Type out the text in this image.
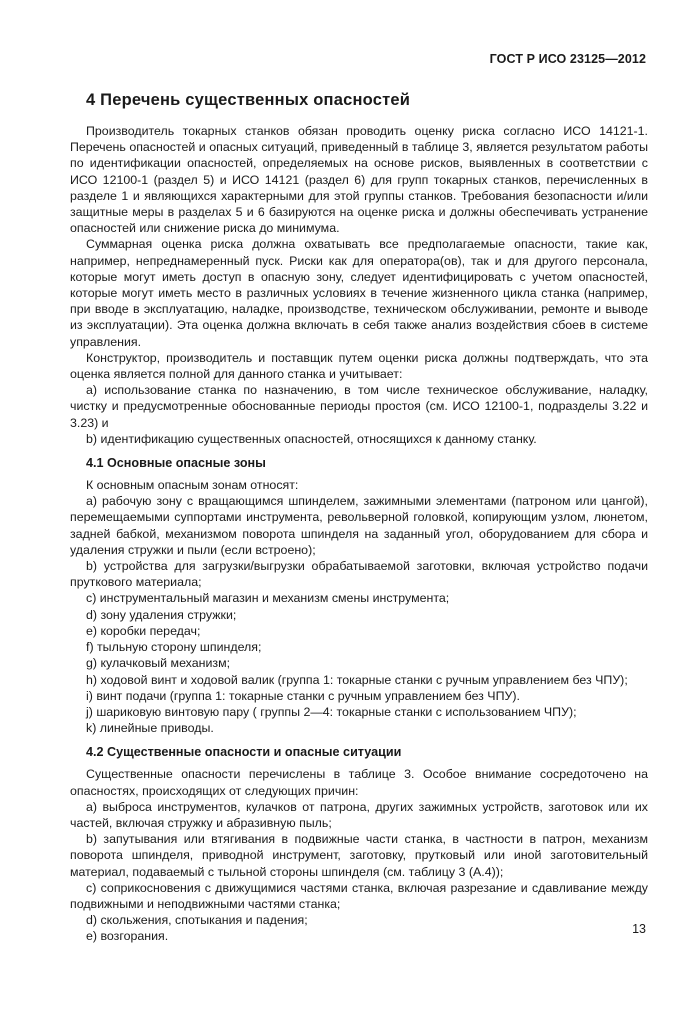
ГОСТ Р ИСО 23125—2012
4 Перечень существенных опасностей

Производитель токарных станков обязан проводить оценку риска согласно ИСО 14121-1. Перечень опасностей и опасных ситуаций, приведенный в таблице 3, является результатом работы по идентификации опасностей, определяемых на основе рисков, выявленных в соответствии с ИСО 12100-1 (раздел 5) и ИСО 14121 (раздел 6) для групп токарных станков, перечисленных в разделе 1 и являющихся характерными для этой группы станков. Требования безопасности и/или защитные меры в разделах 5 и 6 базируются на оценке риска и должны обеспечивать устранение опасностей или снижение риска до минимума.

Суммарная оценка риска должна охватывать все предполагаемые опасности, такие как, например, непреднамеренный пуск. Риски как для оператора(ов), так и для другого персонала, которые могут иметь доступ в опасную зону, следует идентифицировать с учетом опасностей, которые могут иметь место в различных условиях в течение жизненного цикла станка (например, при вводе в эксплуатацию, наладке, производстве, техническом обслуживании, ремонте и выводе из эксплуатации). Эта оценка должна включать в себя также анализ воздействия сбоев в системе управления.

Конструктор, производитель и поставщик путем оценки риска должны подтверждать, что эта оценка является полной для данного станка и учитывает:

a) использование станка по назначению, в том числе техническое обслуживание, наладку, чистку и предусмотренные обоснованные периоды простоя (см. ИСО 12100-1, подразделы 3.22 и 3.23) и

b) идентификацию существенных опасностей, относящихся к данному станку.

4.1 Основные опасные зоны

К основным опасным зонам относят:

a) рабочую зону с вращающимся шпинделем, зажимными элементами (патроном или цангой), перемещаемыми суппортами инструмента, револьверной головкой, копирующим узлом, люнетом, задней бабкой, механизмом поворота шпинделя на заданный угол, оборудованием для сбора и удаления стружки и пыли (если встроено);

b) устройства для загрузки/выгрузки обрабатываемой заготовки, включая устройство подачи пруткового материала;

c) инструментальный магазин и механизм смены инструмента;

d) зону удаления стружки;

e) коробки передач;

f) тыльную сторону шпинделя;

g) кулачковый механизм;

h) ходовой винт и ходовой валик (группа 1: токарные станки с ручным управлением без ЧПУ);

i) винт подачи (группа 1: токарные станки с ручным управлением без ЧПУ).

j) шариковую винтовую пару ( группы 2—4: токарные станки с использованием ЧПУ);

k) линейные приводы.

4.2 Существенные опасности и опасные ситуации

Существенные опасности перечислены в таблице 3. Особое внимание сосредоточено на опасностях, происходящих от следующих причин:

a) выброса инструментов, кулачков от патрона, других зажимных устройств, заготовок или их частей, включая стружку и абразивную пыль;

b) запутывания или втягивания в подвижные части станка, в частности в патрон, механизм поворота шпинделя, приводной инструмент, заготовку, прутковый или иной заготовительный материал, подаваемый с тыльной стороны шпинделя (см. таблицу 3 (А.4));

c) соприкосновения с движущимися частями станка, включая разрезание и сдавливание между подвижными и неподвижными частями станка;

d) скольжения, спотыкания и падения;

e) возгорания.

13
